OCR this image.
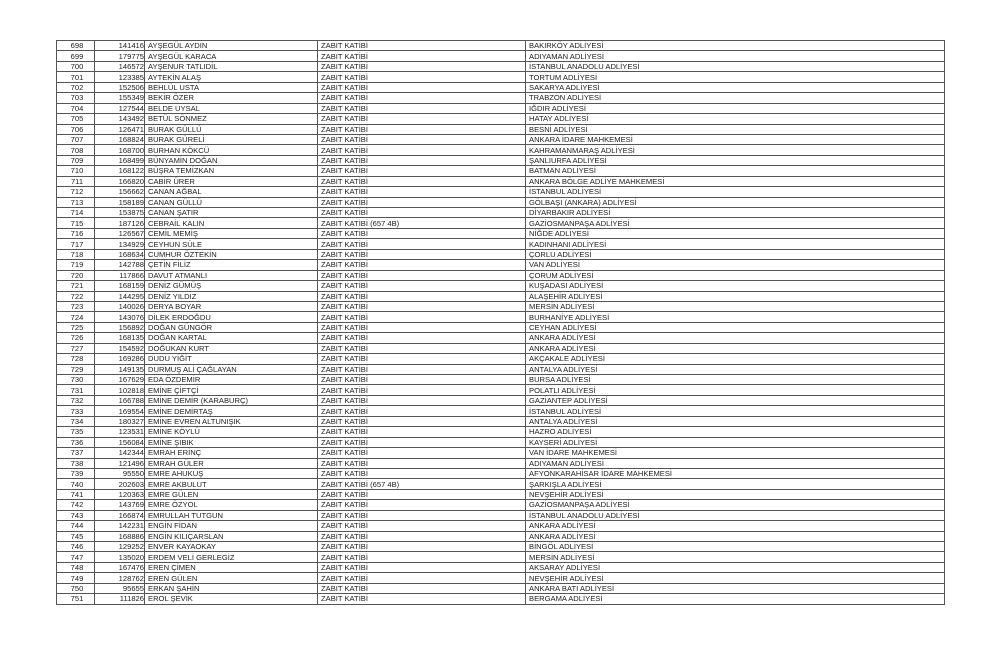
698	141416	AYŞEGÜL AYDIN	ZABIT KATİBİ	BAKIRKÖY ADLİYESİ
699	179775	AYŞEGÜL KARACA	ZABIT KATİBİ	ADIYAMAN ADLİYESİ
700	146572	AYŞENUR TATLIDİL	ZABIT KATİBİ	İSTANBUL ANADOLU ADLİYESİ
701	123385	AYTEKİN ALAŞ	ZABIT KATİBİ	TORTUM ADLİYESİ
702	152506	BEHLÜL USTA	ZABIT KATİBİ	SAKARYA ADLİYESİ
703	155349	BEKİR ÖZER	ZABIT KATİBİ	TRABZON ADLİYESİ
704	127544	BELDE UYSAL	ZABIT KATİBİ	IĞDIR ADLİYESİ
705	143492	BETÜL SÖNMEZ	ZABIT KATİBİ	HATAY ADLİYESİ
706	126471	BURAK GÜLLÜ	ZABIT KATİBİ	BESNİ ADLİYESİ
707	168824	BURAK GÜRELİ	ZABIT KATİBİ	ANKARA İDARE MAHKEMESİ
708	168700	BURHAN KÖKCÜ	ZABIT KATİBİ	KAHRAMANMARAŞ ADLİYESİ
709	168499	BÜNYAMİN DOĞAN	ZABIT KATİBİ	ŞANLIURFA ADLİYESİ
710	168122	BÜŞRA TEMİZKAN	ZABIT KATİBİ	BATMAN ADLİYESİ
711	166820	CABİR ÜRER	ZABIT KATİBİ	ANKARA BÖLGE ADLİYE MAHKEMESİ
712	156662	CANAN AĞBAL	ZABIT KATİBİ	İSTANBUL ADLİYESİ
713	158189	CANAN GÜLLÜ	ZABIT KATİBİ	GÖLBAŞI (ANKARA) ADLİYESİ
714	153875	CANAN ŞATIR	ZABIT KATİBİ	DİYARBAKIR ADLİYESİ
715	187126	CEBRAİL KALIN	ZABIT KATİBİ (657 4B)	GAZİOSMANPAŞA ADLİYESİ
716	126567	CEMİL MEMİŞ	ZABIT KATİBİ	NİĞDE ADLİYESİ
717	134929	CEYHUN SÜLE	ZABIT KATİBİ	KADINHANI ADLİYESİ
718	168634	CUMHUR ÖZTEKİN	ZABIT KATİBİ	ÇORLU ADLİYESİ
719	142788	ÇETİN FİLİZ	ZABIT KATİBİ	VAN ADLİYESİ
720	117866	DAVUT ATMANLI	ZABIT KATİBİ	ÇORUM ADLİYESİ
721	168159	DENİZ GÜMÜŞ	ZABIT KATİBİ	KUŞADASI ADLİYESİ
722	144295	DENİZ YILDIZ	ZABIT KATİBİ	ALAŞEHİR ADLİYESİ
723	140026	DERYA BOYAR	ZABIT KATİBİ	MERSİN ADLİYESİ
724	143076	DİLEK ERDOĞDU	ZABIT KATİBİ	BURHANİYE ADLİYESİ
725	156892	DOĞAN GÜNGÖR	ZABIT KATİBİ	CEYHAN ADLİYESİ
726	168135	DOĞAN KARTAL	ZABIT KATİBİ	ANKARA ADLİYESİ
727	154592	DOĞUKAN KURT	ZABIT KATİBİ	ANKARA ADLİYESİ
728	169286	DUDU YİĞİT	ZABIT KATİBİ	AKÇAKALE ADLİYESİ
729	149135	DURMUŞ ALİ ÇAĞLAYAN	ZABIT KATİBİ	ANTALYA ADLİYESİ
730	167629	EDA ÖZDEMİR	ZABIT KATİBİ	BURSA ADLİYESİ
731	102818	EMİNE ÇİFTÇİ	ZABIT KATİBİ	POLATLI ADLİYESİ
732	166788	EMİNE DEMİR (KARABURÇ)	ZABIT KATİBİ	GAZİANTEP ADLİYESİ
733	169554	EMİNE DEMİRTAŞ	ZABIT KATİBİ	İSTANBUL ADLİYESİ
734	180327	EMİNE EVREN ALTUNIŞIK	ZABIT KATİBİ	ANTALYA ADLİYESİ
735	123531	EMİNE KÖYLÜ	ZABIT KATİBİ	HAZRO ADLİYESİ
736	156084	EMİNE ŞIBIK	ZABIT KATİBİ	KAYSERİ ADLİYESİ
737	142344	EMRAH ERİNÇ	ZABIT KATİBİ	VAN İDARE MAHKEMESİ
738	121496	EMRAH GÜLER	ZABIT KATİBİ	ADIYAMAN ADLİYESİ
739	95550	EMRE AHUKUŞ	ZABIT KATİBİ	AFYONKARAHİSAR İDARE MAHKEMESİ
740	202603	EMRE AKBULUT	ZABIT KATİBİ (657 4B)	ŞARKIŞLA ADLİYESİ
741	120363	EMRE GÜLEN	ZABIT KATİBİ	NEVŞEHİR ADLİYESİ
742	143769	EMRE ÖZYOL	ZABIT KATİBİ	GAZİOSMANPAŞA ADLİYESİ
743	166874	EMRULLAH TUTGUN	ZABIT KATİBİ	İSTANBUL ANADOLU ADLİYESİ
744	142231	ENGİN FİDAN	ZABIT KATİBİ	ANKARA ADLİYESİ
745	168886	ENGİN KILIÇARSLAN	ZABIT KATİBİ	ANKARA ADLİYESİ
746	129252	ENVER KAYAOKAY	ZABIT KATİBİ	BİNGÖL ADLİYESİ
747	135020	ERDEM VELİ GERLEGİZ	ZABIT KATİBİ	MERSİN ADLİYESİ
748	167476	EREN ÇİMEN	ZABIT KATİBİ	AKSARAY ADLİYESİ
749	128762	EREN GÜLEN	ZABIT KATİBİ	NEVŞEHİR ADLİYESİ
750	95655	ERKAN ŞAHİN	ZABIT KATİBİ	ANKARA BATI ADLİYESİ
751	111826	EROL ŞEVİK	ZABIT KATİBİ	BERGAMA ADLİYESİ
